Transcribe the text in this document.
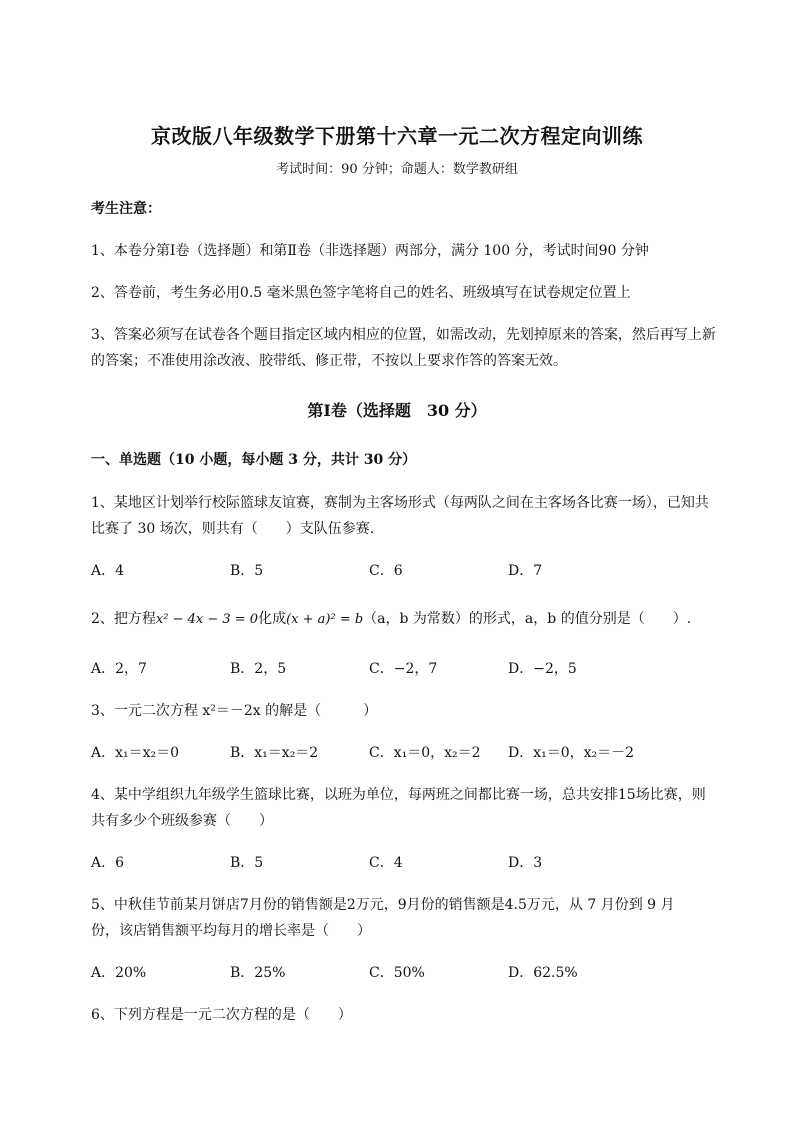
京改版八年级数学下册第十六章一元二次方程定向训练
考试时间：90 分钟；命题人：数学教研组
考生注意：
1、本卷分第Ⅰ卷（选择题）和第Ⅱ卷（非选择题）两部分，满分 100 分，考试时间90 分钟
2、答卷前，考生务必用0.5 毫米黑色签字笔将自己的姓名、班级填写在试卷规定位置上
3、答案必须写在试卷各个题目指定区域内相应的位置，如需改动，先划掉原来的答案，然后再写上新
的答案；不准使用涂改液、胶带纸、修正带，不按以上要求作答的答案无效。
第Ⅰ卷（选择题　30 分）
一、单选题（10 小题，每小题 3 分，共计 30 分）
1、某地区计划举行校际篮球友谊赛，赛制为主客场形式（每两队之间在主客场各比赛一场），已知共
比赛了 30 场次，则共有（　　）支队伍参赛.
A．4	B．5	C．6	D．7
2、把方程x² − 4x − 3 = 0化成(x + a)² = b（a，b 为常数）的形式，a，b 的值分别是（　　）.
A．2，7	B．2，5	C．−2，7	D．−2，5
3、一元二次方程 x²＝－2x 的解是（　　　）
A．x₁＝x₂＝0	B．x₁＝x₂＝2	C．x₁＝0，x₂＝2 D．x₁＝0，x₂＝－2
4、某中学组织九年级学生篮球比赛，以班为单位，每两班之间都比赛一场，总共安排15场比赛，则
共有多少个班级参赛（　　）
A．6	B．5	C．4	D．3
5、中秋佳节前某月饼店7月份的销售额是2万元，9月份的销售额是4.5万元，从 7 月份到 9 月
份，该店销售额平均每月的增长率是（　　）
A．20%	B．25%	C．50%	D．62.5%
6、下列方程是一元二次方程的是（　　）
